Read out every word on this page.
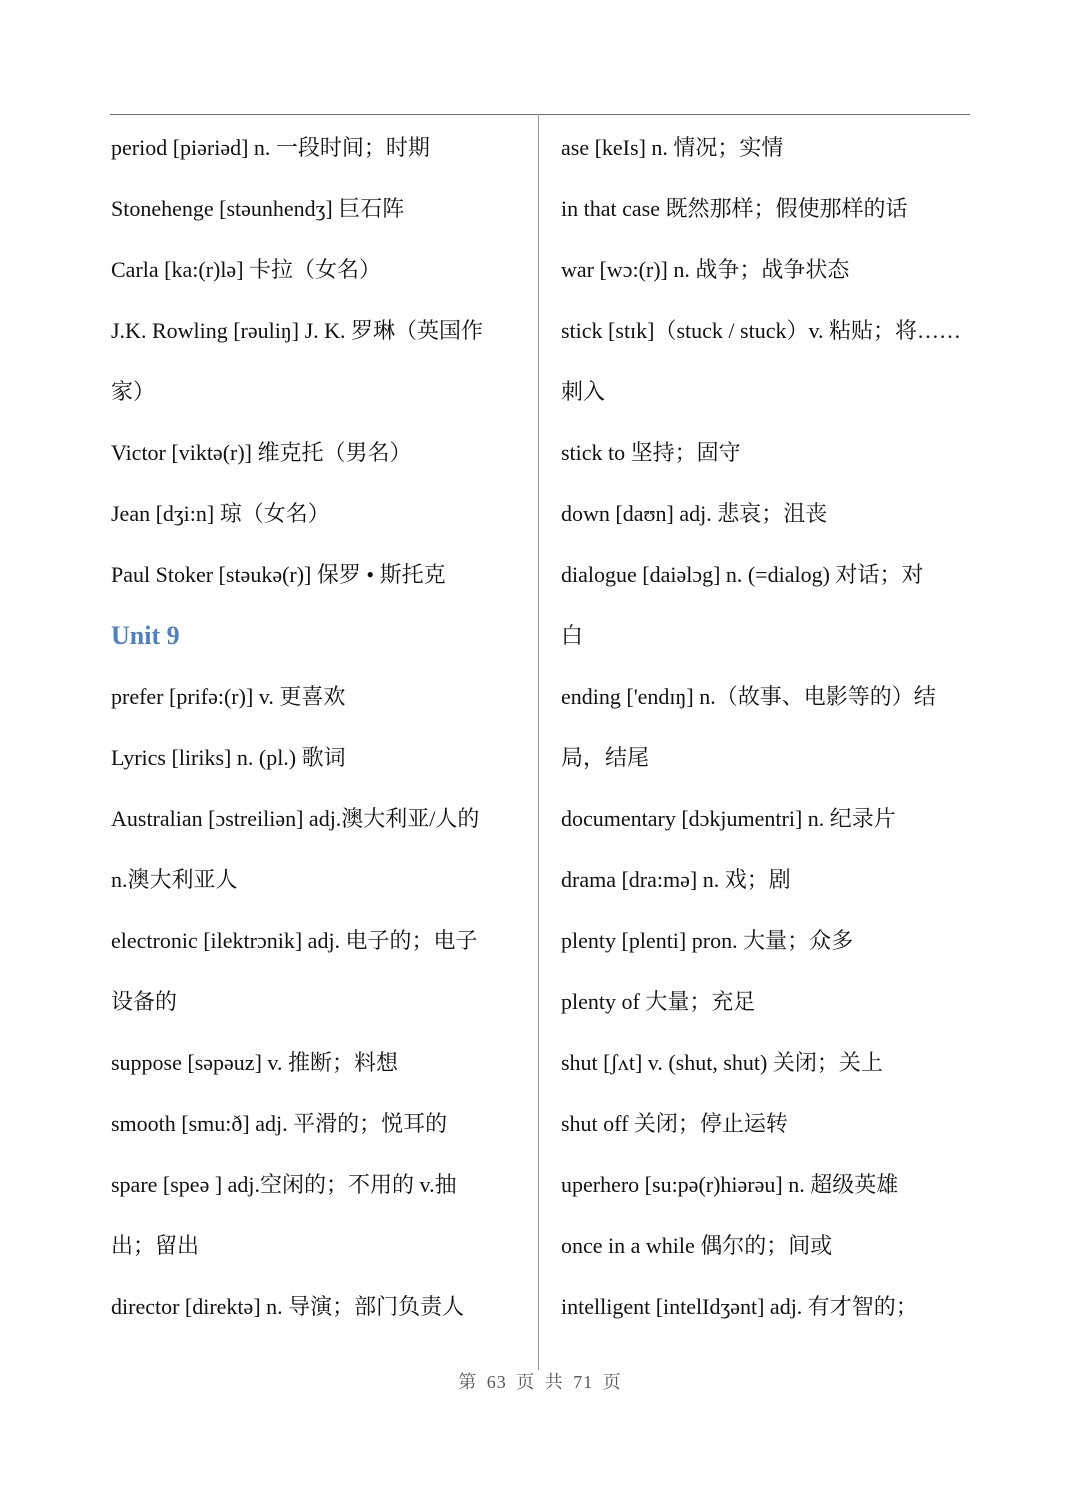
period [piəriəd] n. 一段时间；时期
Stonehenge [stəunhendʒ] 巨石阵
Carla [ka:(r)lə] 卡拉（女名）
J.K. Rowling [rəuliŋ] J. K. 罗琳（英国作
家）
Victor [viktə(r)] 维克托（男名）
Jean [dʒi:n] 琼（女名）
Paul Stoker [stəukə(r)] 保罗 • 斯托克
Unit 9
prefer [prifə:(r)] v. 更喜欢
Lyrics [liriks] n. (pl.) 歌词
Australian [ɔstreiliən] adj.澳大利亚/人的
n.澳大利亚人
electronic [ilektrɔnik] adj. 电子的；电子
设备的
suppose [səpəuz] v. 推断；料想
smooth [smu:ð] adj. 平滑的；悦耳的
spare [speə ] adj.空闲的；不用的 v.抽
出；留出
director [direktə] n. 导演；部门负责人
ase [keIs] n. 情况；实情
in that case 既然那样；假使那样的话
war [wɔ:(r)] n. 战争；战争状态
stick [stɪk]（stuck / stuck）v. 粘贴；将……
刺入
stick to 坚持；固守
down [daʊn] adj. 悲哀；沮丧
dialogue [daiəlɔg] n. (=dialog) 对话；对
白
ending ['endɪŋ] n.（故事、电影等的）结
局，结尾
documentary [dɔkjumentri] n. 纪录片
drama [dra:mə] n. 戏；剧
plenty [plenti] pron. 大量；众多
plenty of 大量；充足
shut [ʃʌt] v. (shut, shut) 关闭；关上
shut off 关闭；停止运转
uperhero [su:pə(r)hiərəu] n. 超级英雄
once in a while 偶尔的；间或
intelligent [intelIdʒənt] adj. 有才智的；
第 63 页 共 71 页
